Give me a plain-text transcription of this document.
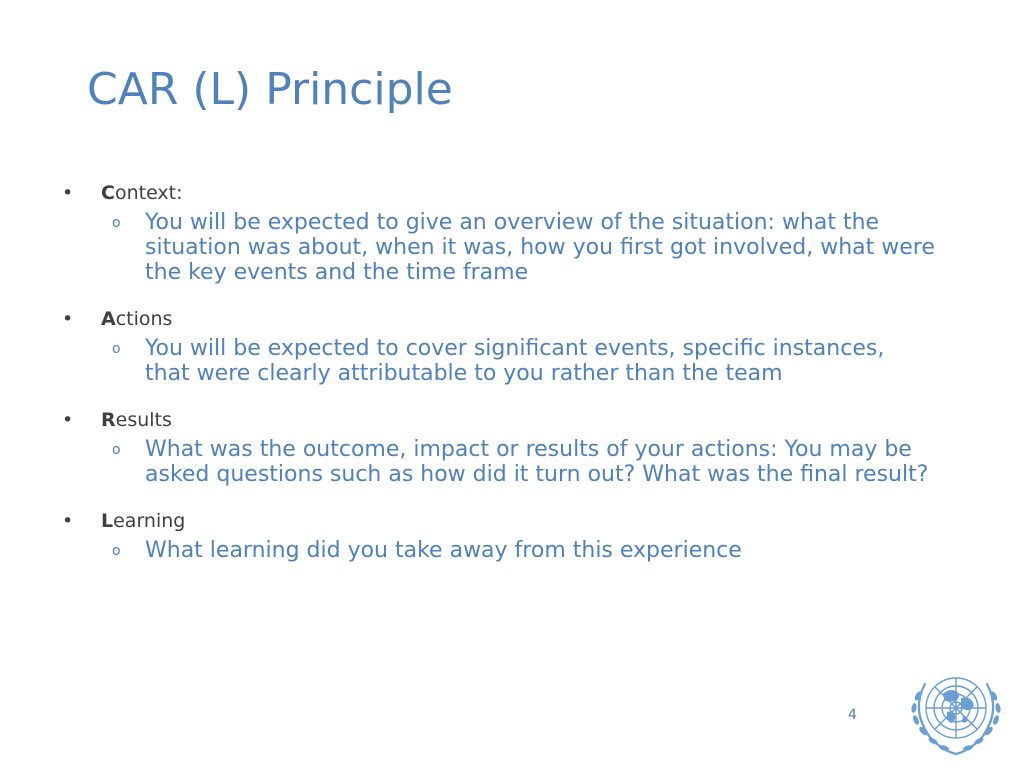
CAR (L) Principle
• Context:
o You will be expected to give an overview of the situation: what the situation was about, when it was, how you first got involved, what were the key events and the time frame
• Actions
o You will be expected to cover significant events, specific instances, that were clearly attributable to you rather than the team
• Results
o What was the outcome, impact or results of your actions: You may be asked questions such as how did it turn out? What was the final result?
• Learning
o What learning did you take away from this experience
4
